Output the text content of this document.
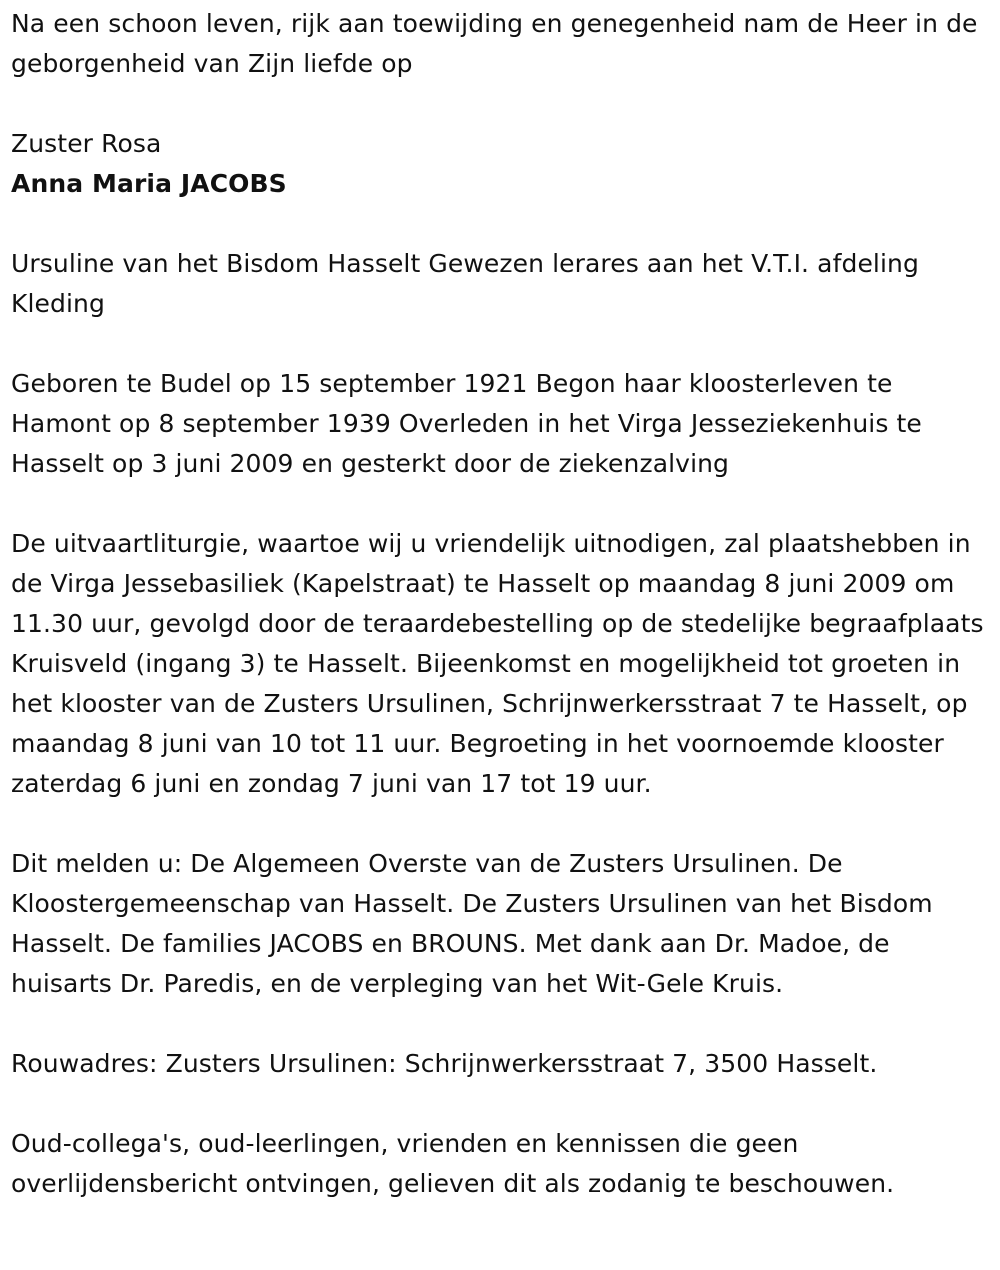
Na een schoon leven, rijk aan toewijding en genegenheid nam de Heer in de geborgenheid van Zijn liefde op

Zuster Rosa

Anna Maria JACOBS

Ursuline van het Bisdom Hasselt Gewezen lerares aan het V.T.I. afdeling Kleding

Geboren te Budel op 15 september 1921 Begon haar kloosterleven te Hamont op 8 september 1939 Overleden in het Virga Jesseziekenhuis te Hasselt op 3 juni 2009 en gesterkt door de ziekenzalving

De uitvaartliturgie, waartoe wij u vriendelijk uitnodigen, zal plaatshebben in de Virga Jessebasiliek (Kapelstraat) te Hasselt op maandag 8 juni 2009 om 11.30 uur, gevolgd door de teraardebestelling op de stedelijke begraafplaats Kruisveld (ingang 3) te Hasselt. Bijeenkomst en mogelijkheid tot groeten in het klooster van de Zusters Ursulinen, Schrijnwerkersstraat 7 te Hasselt, op maandag 8 juni van 10 tot 11 uur. Begroeting in het voornoemde klooster zaterdag 6 juni en zondag 7 juni van 17 tot 19 uur.

Dit melden u: De Algemeen Overste van de Zusters Ursulinen. De Kloostergemeenschap van Hasselt. De Zusters Ursulinen van het Bisdom Hasselt. De families JACOBS en BROUNS. Met dank aan Dr. Madoe, de huisarts Dr. Paredis, en de verpleging van het Wit-Gele Kruis.

Rouwadres: Zusters Ursulinen: Schrijnwerkersstraat 7, 3500 Hasselt.

Oud-collega's, oud-leerlingen, vrienden en kennissen die geen overlijdensbericht ontvingen, gelieven dit als zodanig te beschouwen.
